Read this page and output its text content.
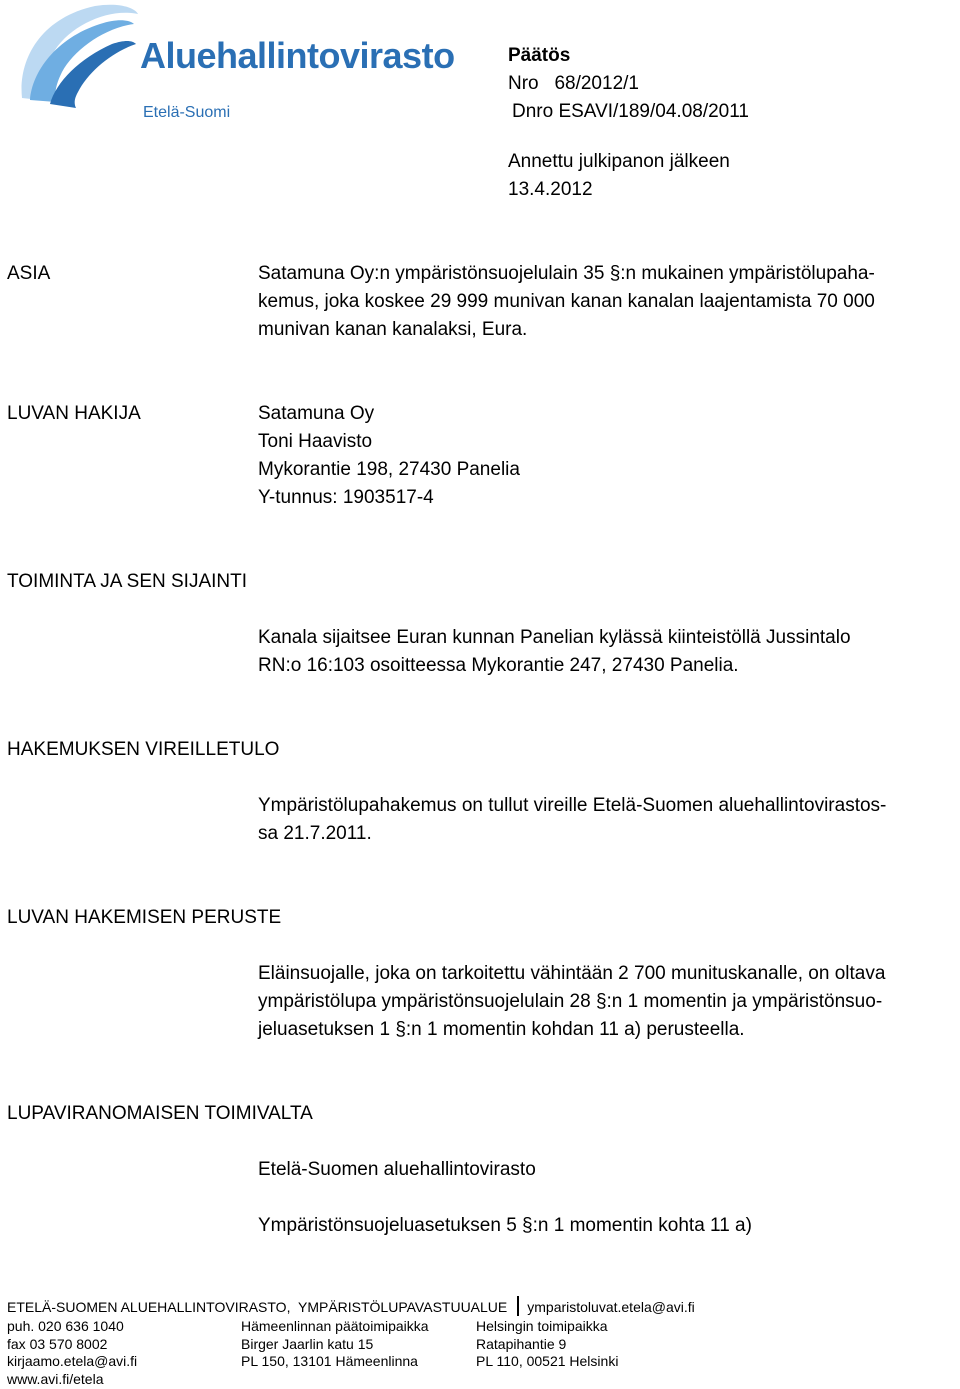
Aluehallintovirasto
Etelä-Suomi
Päätös
Nro   68/2012/1
Dnro ESAVI/189/04.08/2011
Annettu julkipanon jälkeen
13.4.2012
ASIA	Satamuna Oy:n ympäristönsuojelulain 35 §:n mukainen ympäristölupaha-
kemus, joka koskee 29 999 munivan kanan kanalan laajentamista 70 000
munivan kanan kanalaksi, Eura.
LUVAN HAKIJA	Satamuna Oy
Toni Haavisto
Mykorantie 198, 27430 Panelia
Y-tunnus: 1903517-4
TOIMINTA JA SEN SIJAINTI
Kanala sijaitsee Euran kunnan Panelian kylässä kiinteistöllä Jussintalo
RN:o 16:103 osoitteessa Mykorantie 247, 27430 Panelia.
HAKEMUKSEN VIREILLETULO
Ympäristölupahakemus on tullut vireille Etelä-Suomen aluehallintovirastos-
sa 21.7.2011.
LUVAN HAKEMISEN PERUSTE
Eläinsuojalle, joka on tarkoitettu vähintään 2 700 munituskanalle, on oltava
ympäristölupa ympäristönsuojelulain 28 §:n 1 momentin ja ympäristönsuo-
jeluasetuksen 1 §:n 1 momentin kohdan 11 a) perusteella.
LUPAVIRANOMAISEN TOIMIVALTA
Etelä-Suomen aluehallintovirasto
Ympäristönsuojeluasetuksen 5 §:n 1 momentin kohta 11 a)
ETELÄ-SUOMEN ALUEHALLINTOVIRASTO,  YMPÄRISTÖLUPAVASTUUALUE ymparistoluvat.etela@avi.fi
puh. 020 636 1040
fax 03 570 8002
kirjaamo.etela@avi.fi
www.avi.fi/etela
Hämeenlinnan päätoimipaikka
Birger Jaarlin katu 15
PL 150, 13101 Hämeenlinna
Helsingin toimipaikka
Ratapihantie 9
PL 110, 00521 Helsinki
